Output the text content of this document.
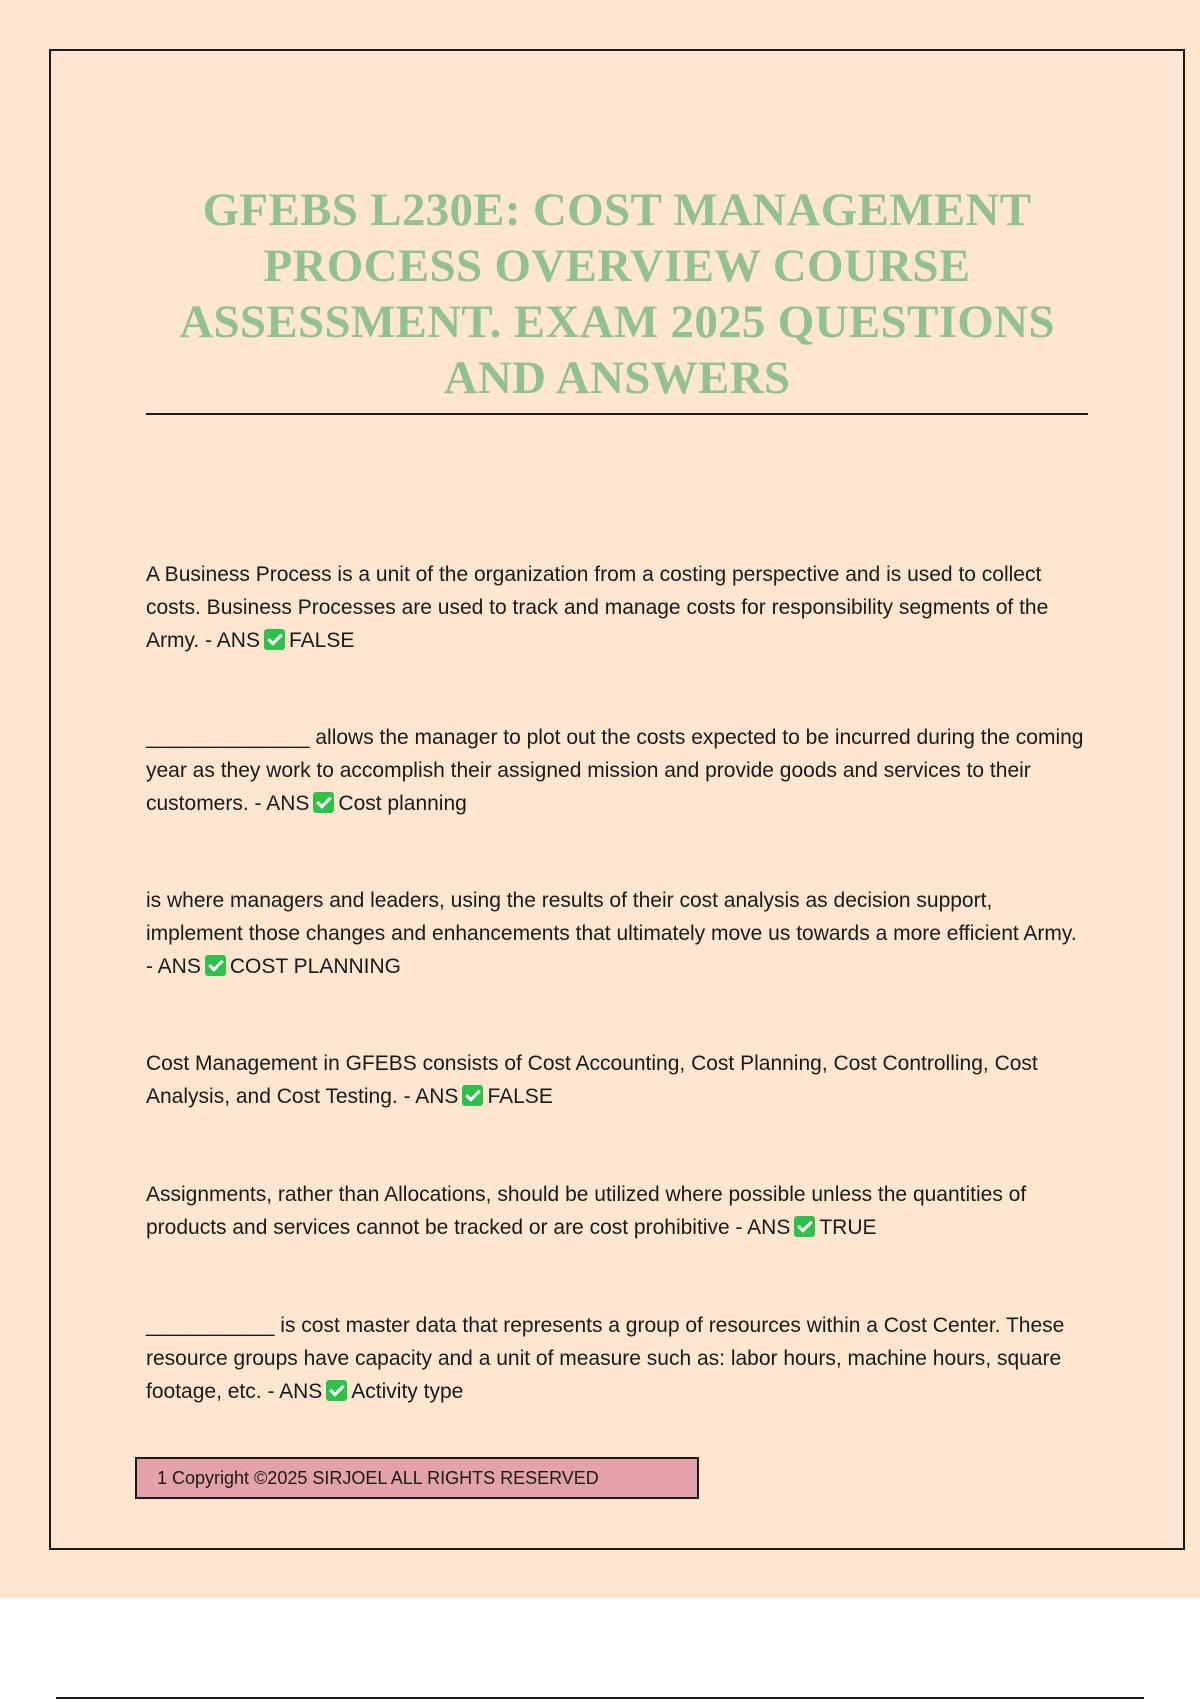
GFEBS L230E: COST MANAGEMENT PROCESS OVERVIEW COURSE ASSESSMENT. EXAM 2025 QUESTIONS AND ANSWERS

A Business Process is a unit of the organization from a costing perspective and is used to collect costs. Business Processes are used to track and manage costs for responsibility segments of the Army. - ANS FALSE

______________ allows the manager to plot out the costs expected to be incurred during the coming year as they work to accomplish their assigned mission and provide goods and services to their customers. - ANS Cost planning

is where managers and leaders, using the results of their cost analysis as decision support, implement those changes and enhancements that ultimately move us towards a more efficient Army. - ANS COST PLANNING

Cost Management in GFEBS consists of Cost Accounting, Cost Planning, Cost Controlling, Cost Analysis, and Cost Testing. - ANS FALSE

Assignments, rather than Allocations, should be utilized where possible unless the quantities of products and services cannot be tracked or are cost prohibitive - ANS TRUE

___________ is cost master data that represents a group of resources within a Cost Center. These resource groups have capacity and a unit of measure such as: labor hours, machine hours, square footage, etc. - ANS Activity type

1 Copyright ©2025 SIRJOEL ALL RIGHTS RESERVED
